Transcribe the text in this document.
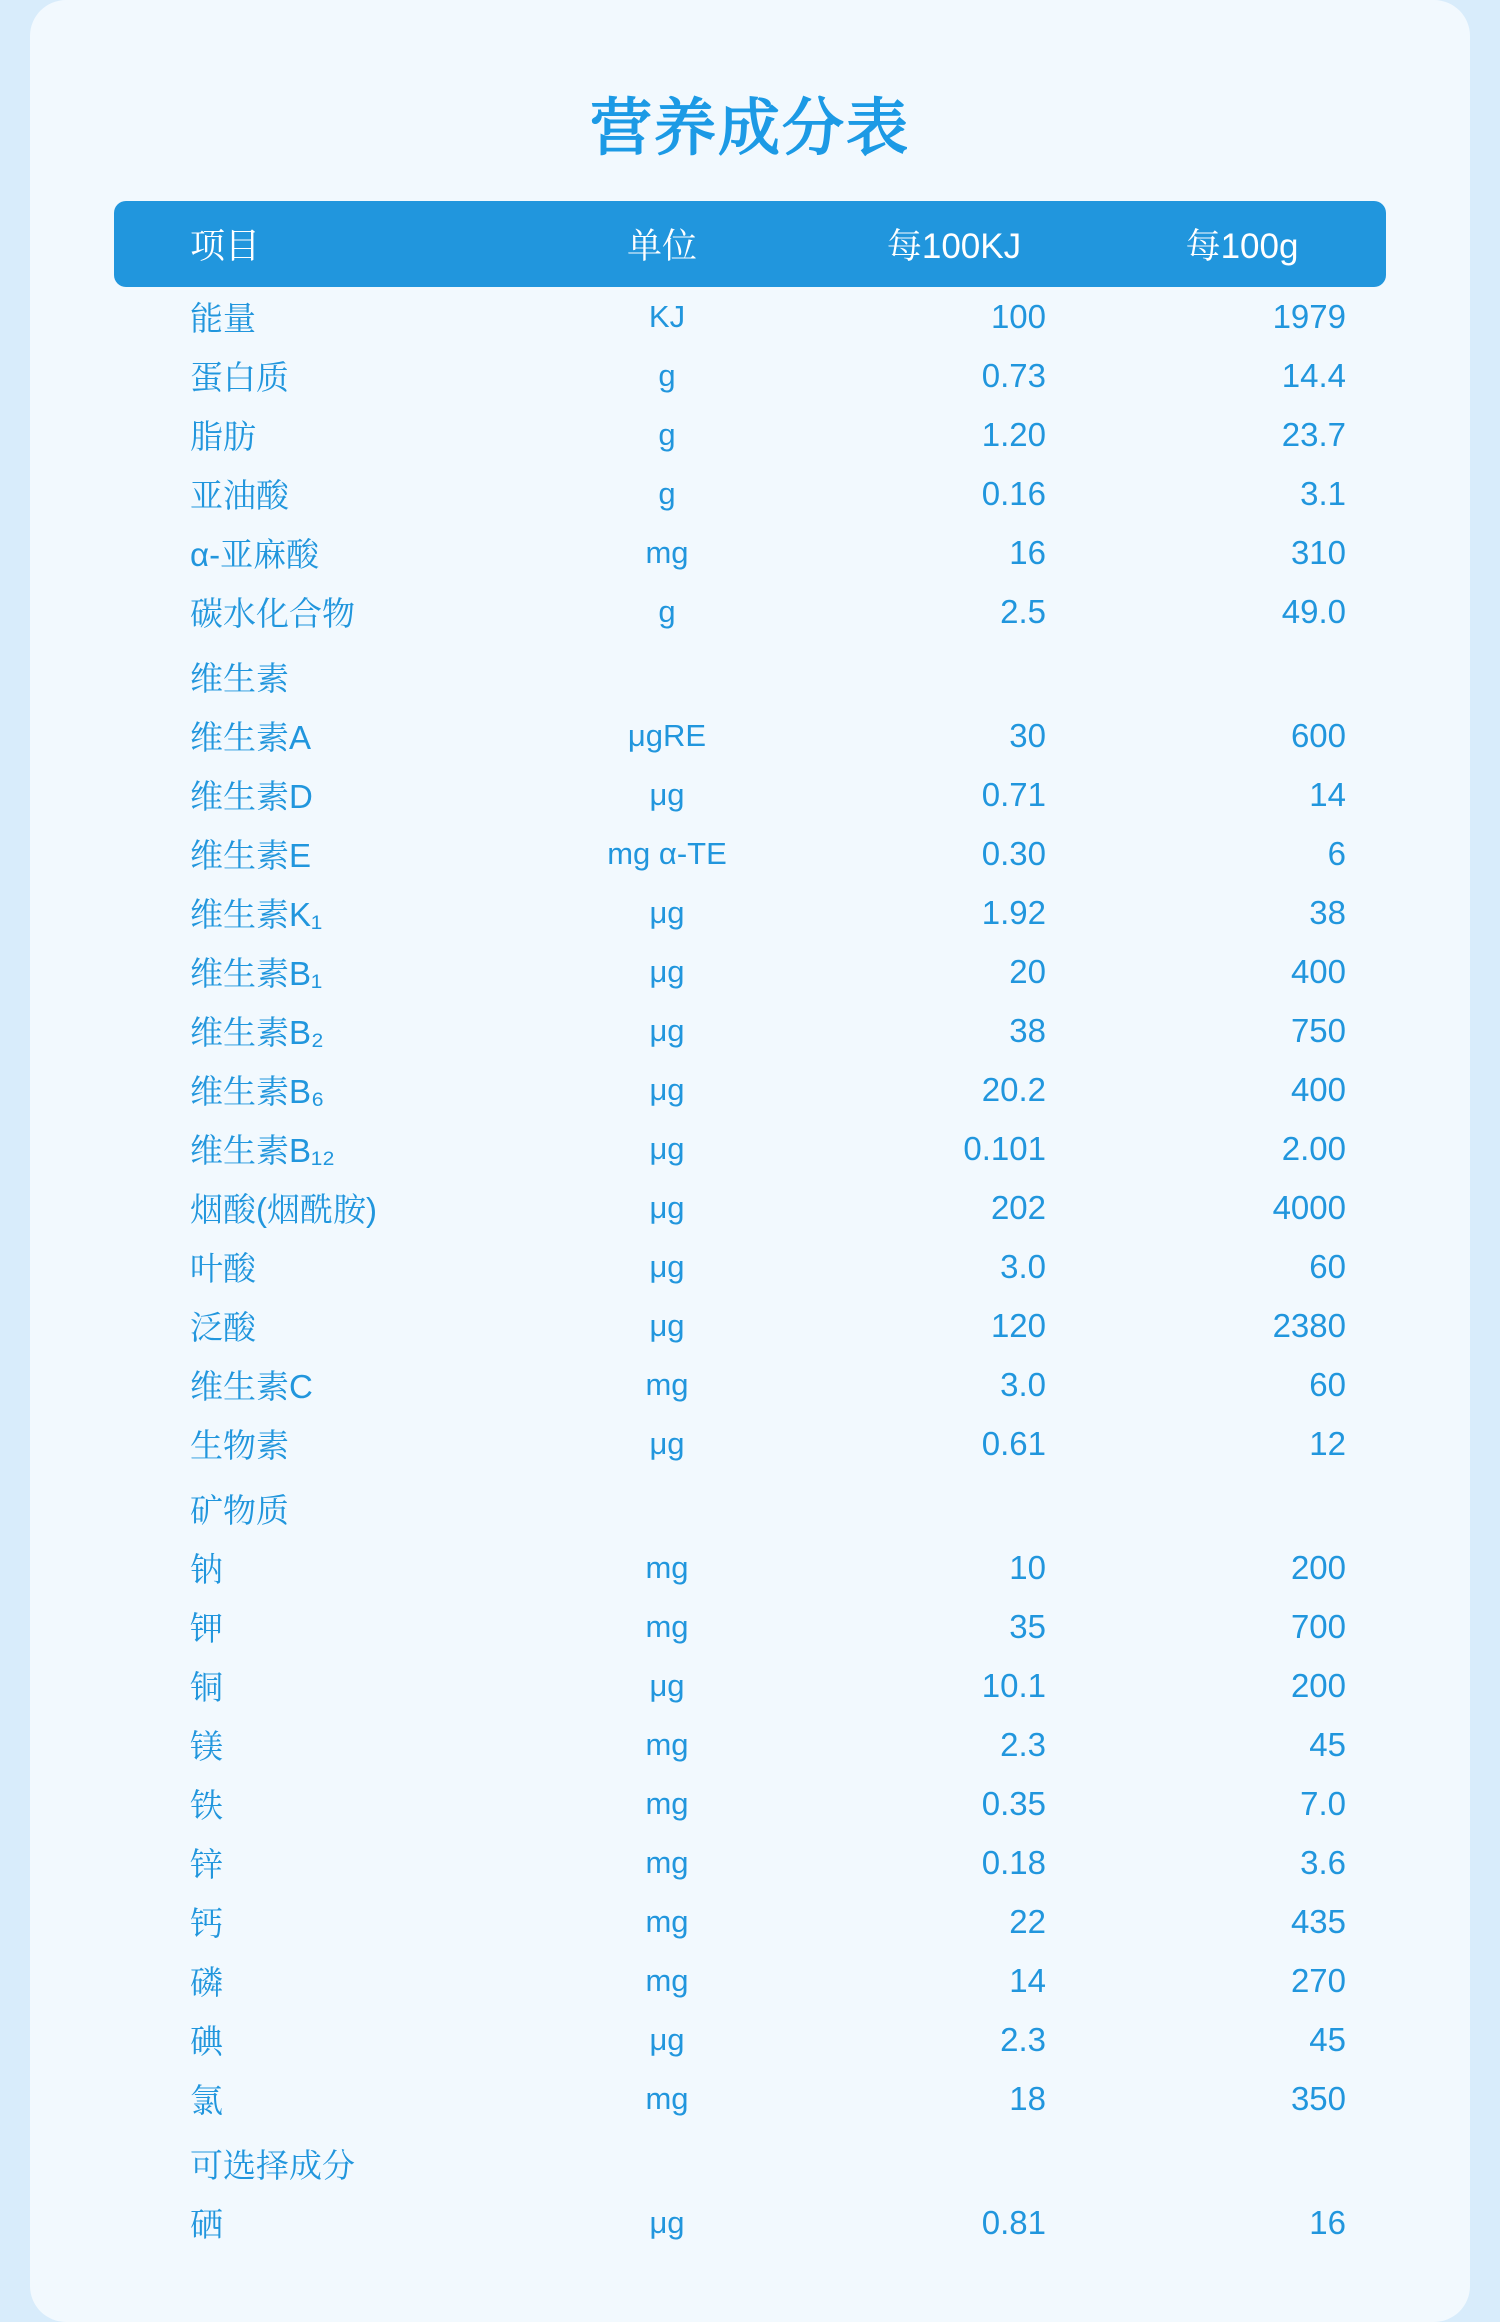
营养成分表
项目	单位	每100KJ	每100g
能量	KJ	100	1979
蛋白质	g	0.73	14.4
脂肪	g	1.20	23.7
亚油酸	g	0.16	3.1
α-亚麻酸	mg	16	310
碳水化合物	g	2.5	49.0
维生素			
维生素A	μgRE	30	600
维生素D	μg	0.71	14
维生素E	mg α-TE	0.30	6
维生素K₁	μg	1.92	38
维生素B₁	μg	20	400
维生素B₂	μg	38	750
维生素B₆	μg	20.2	400
维生素B₁₂	μg	0.101	2.00
烟酸(烟酰胺)	μg	202	4000
叶酸	μg	3.0	60
泛酸	μg	120	2380
维生素C	mg	3.0	60
生物素	μg	0.61	12
矿物质			
钠	mg	10	200
钾	mg	35	700
铜	μg	10.1	200
镁	mg	2.3	45
铁	mg	0.35	7.0
锌	mg	0.18	3.6
钙	mg	22	435
磷	mg	14	270
碘	μg	2.3	45
氯	mg	18	350
可选择成分			
硒	μg	0.81	16
